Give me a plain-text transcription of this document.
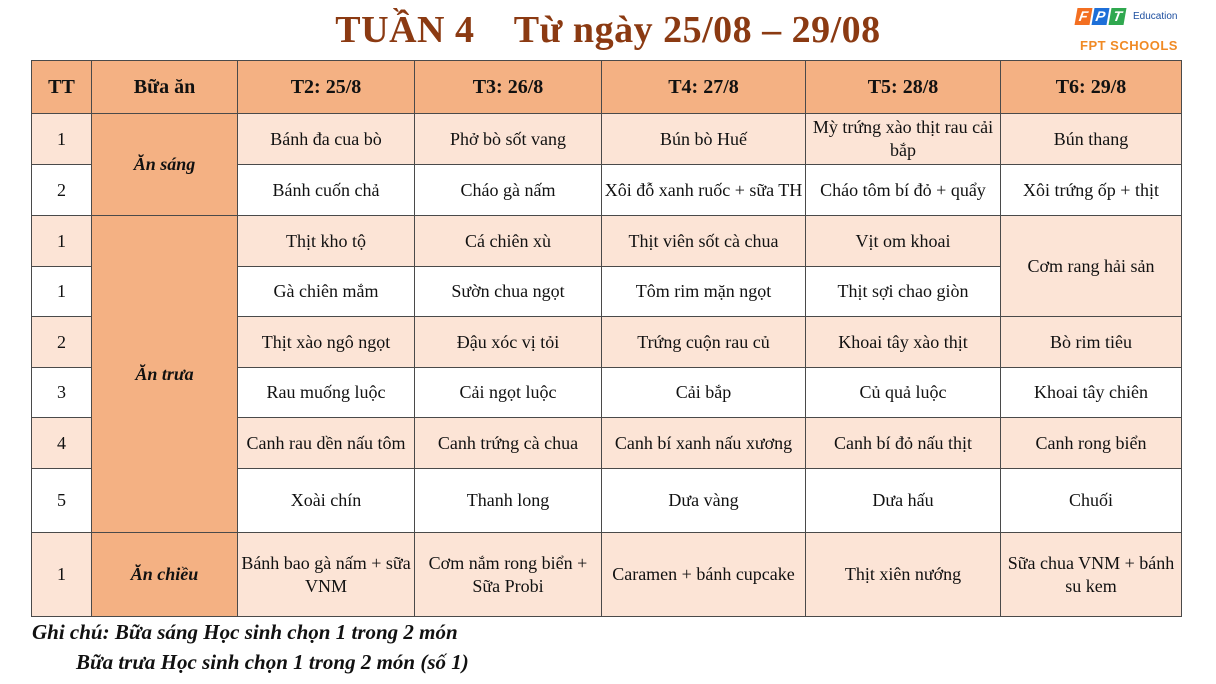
TUẦN 4    Từ ngày 25/08 – 29/08	F P T Education
FPT SCHOOLS
TT	Bữa ăn	T2: 25/8	T3: 26/8	T4: 27/8	T5: 28/8	T6: 29/8
1	Ăn sáng	Bánh đa cua bò	Phở bò sốt vang	Bún bò Huế	Mỳ trứng xào thịt rau cải bắp	Bún thang
2		Bánh cuốn chả	Cháo gà nấm	Xôi đỗ xanh ruốc + sữa TH	Cháo tôm bí đỏ + quẩy	Xôi trứng ốp + thịt
1	Ăn trưa	Thịt kho tộ	Cá chiên xù	Thịt viên sốt cà chua	Vịt om khoai	Cơm rang hải sản
1		Gà chiên mắm	Sườn chua ngọt	Tôm rim mặn ngọt	Thịt sợi chao giòn	
2		Thịt xào ngô ngọt	Đậu xóc vị tỏi	Trứng cuộn rau củ	Khoai tây xào thịt	Bò rim tiêu
3		Rau muống luộc	Cải ngọt luộc	Cải bắp	Củ quả luộc	Khoai tây chiên
4		Canh rau dền nấu tôm	Canh trứng cà chua	Canh bí xanh nấu xương	Canh bí đỏ nấu thịt	Canh rong biển
5		Xoài chín	Thanh long	Dưa vàng	Dưa hấu	Chuối
1	Ăn chiều	Bánh bao gà nấm + sữa VNM	Cơm nắm rong biển + Sữa Probi	Caramen + bánh cupcake	Thịt xiên nướng	Sữa chua VNM + bánh su kem
Ghi chú: Bữa sáng Học sinh chọn 1 trong 2 món
Bữa trưa Học sinh chọn 1 trong 2 món (số 1)
